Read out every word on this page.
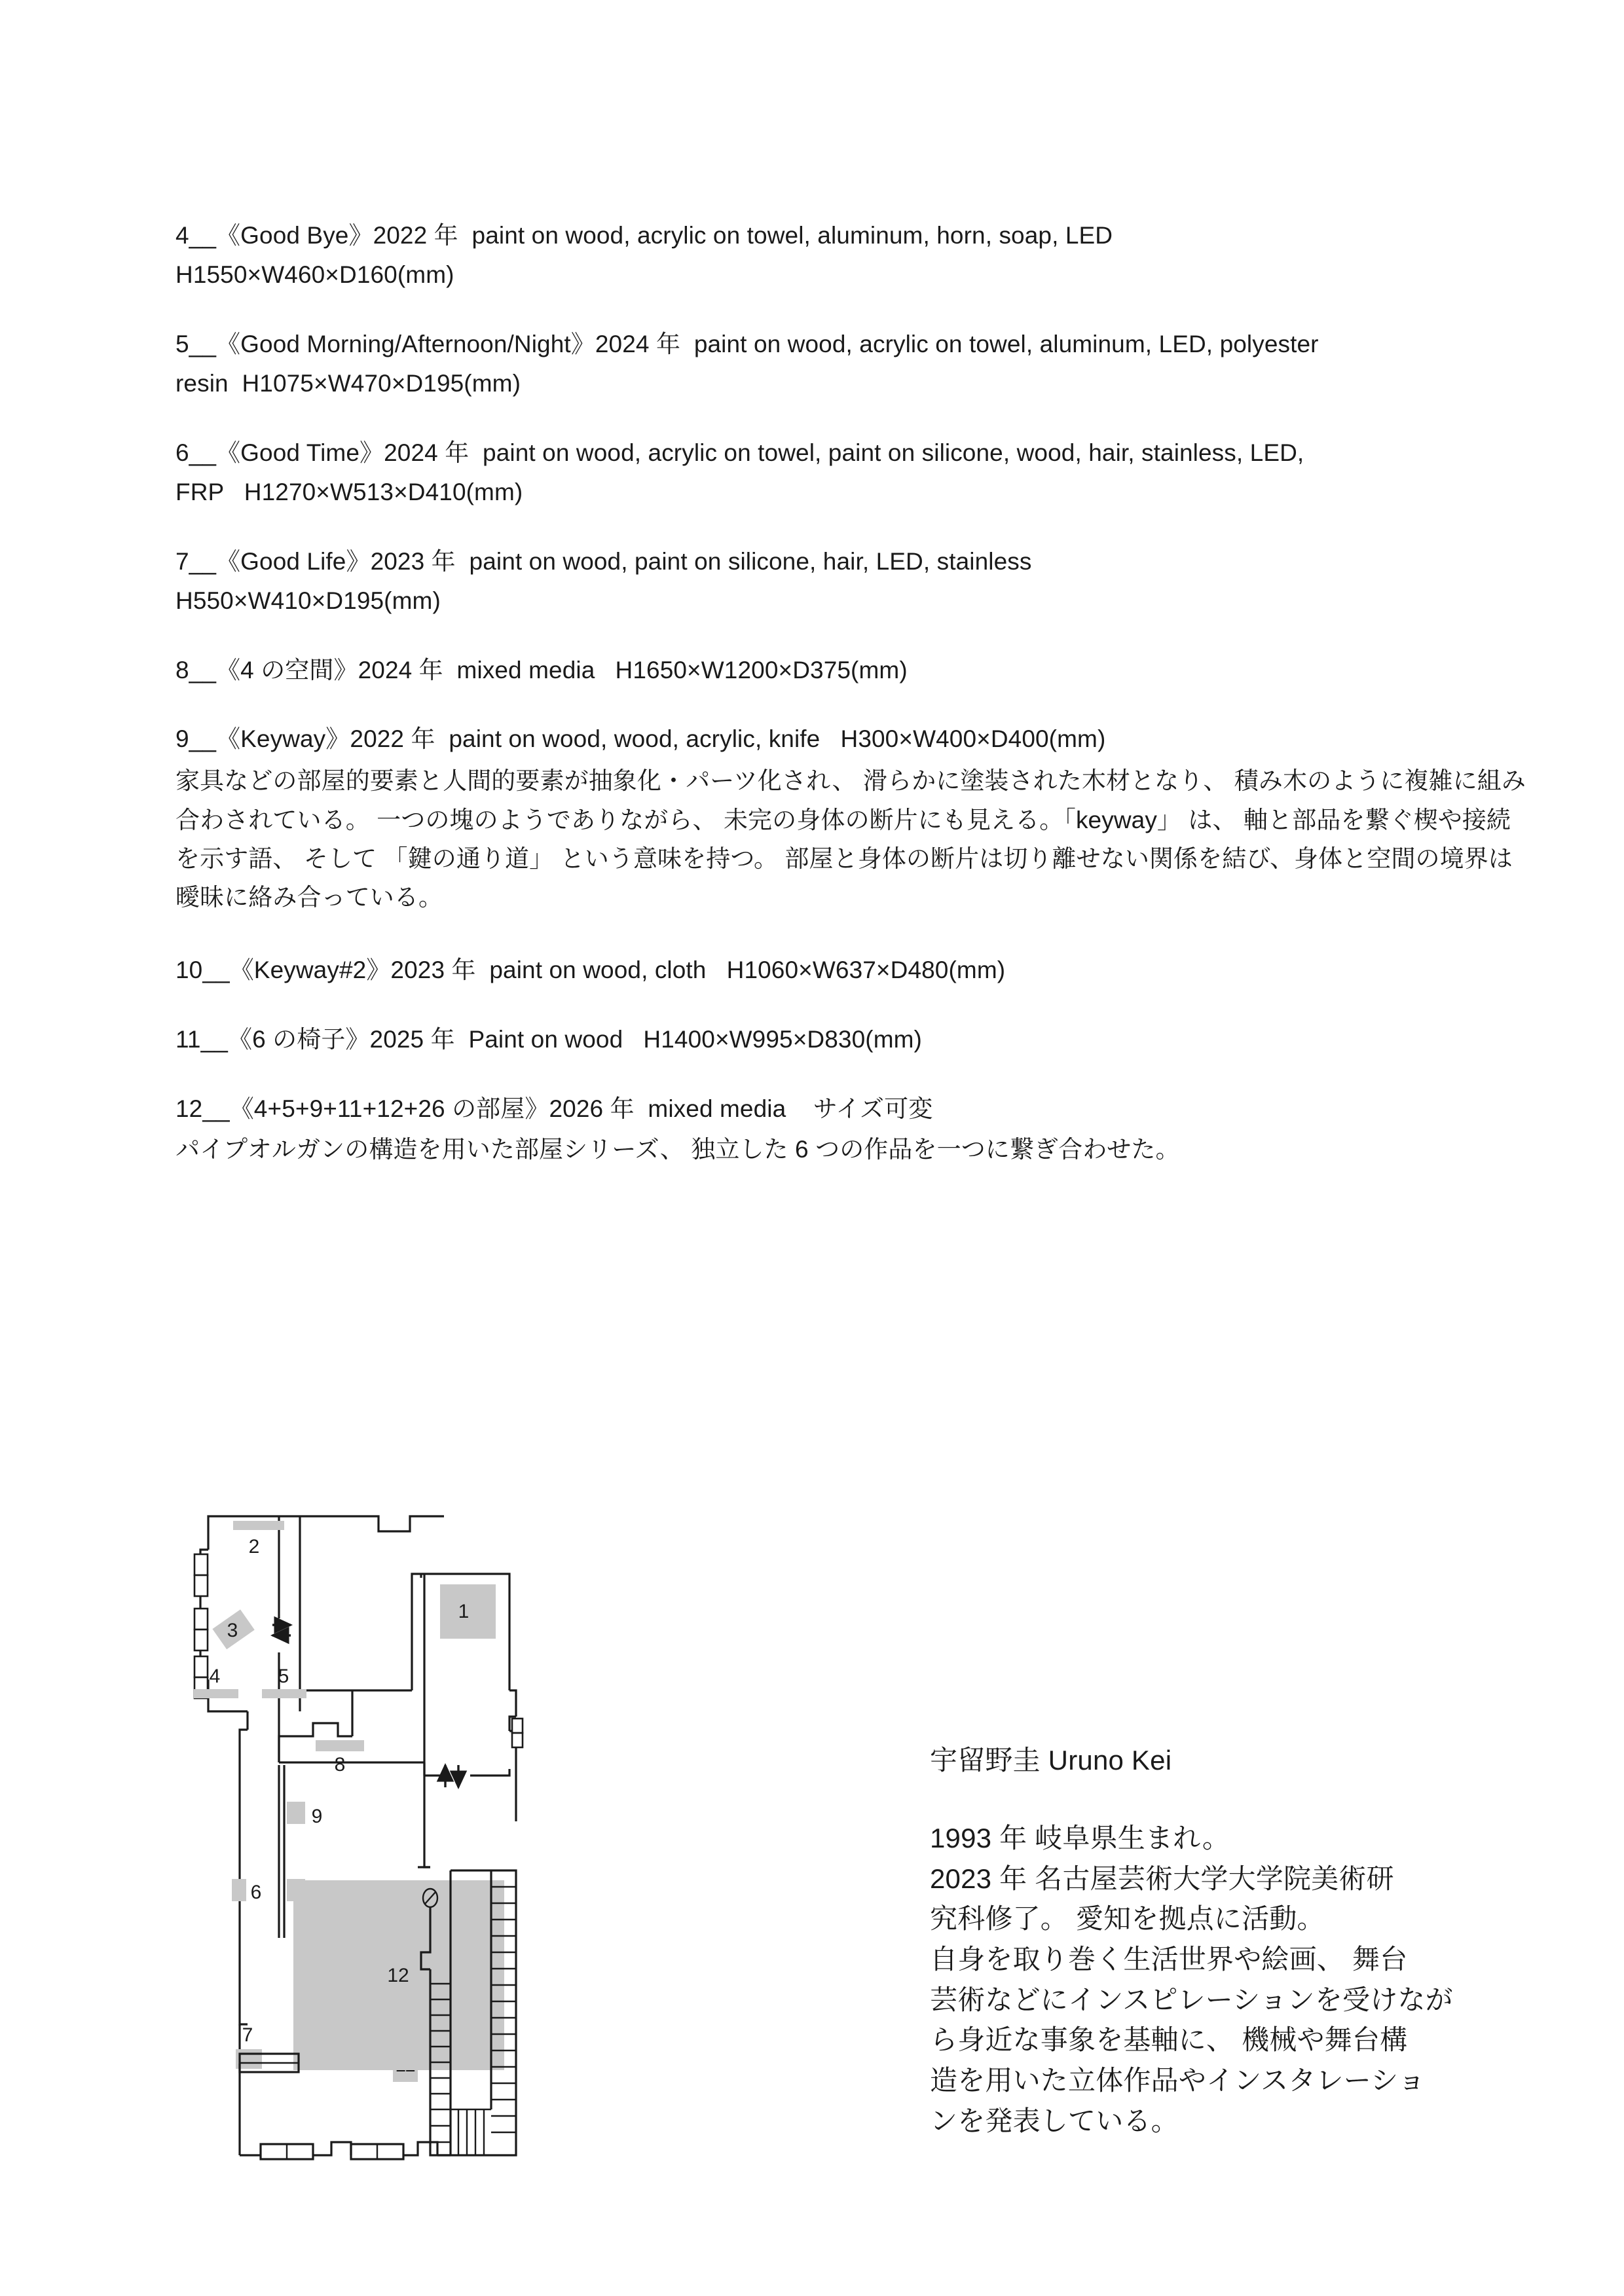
4__《Good Bye》2022 年  paint on wood, acrylic on towel, aluminum, horn, soap, LED
H1550×W460×D160(mm)
5__《Good Morning/Afternoon/Night》2024 年  paint on wood, acrylic on towel, aluminum, LED, polyester
resin  H1075×W470×D195(mm)
6__《Good Time》2024 年  paint on wood, acrylic on towel, paint on silicone, wood, hair, stainless, LED,
FRP   H1270×W513×D410(mm)
7__《Good Life》2023 年  paint on wood, paint on silicone, hair, LED, stainless
H550×W410×D195(mm)
8__《4 の空間》2024 年  mixed media   H1650×W1200×D375(mm)
9__《Keyway》2022 年  paint on wood, wood, acrylic, knife   H300×W400×D400(mm)
家具などの部屋的要素と人間的要素が抽象化・パーツ化され、 滑らかに塗装された木材となり、 積み木のように複雑に組み合わされている。 一つの塊のようでありながら、 未完の身体の断片にも見える。「keyway」 は、 軸と部品を繋ぐ楔や接続を示す語、 そして 「鍵の通り道」 という意味を持つ。 部屋と身体の断片は切り離せない関係を結び、身体と空間の境界は曖昧に絡み合っている。
10__《Keyway#2》2023 年  paint on wood, cloth   H1060×W637×D480(mm)
11__《6 の椅子》2025 年  Paint on wood   H1400×W995×D830(mm)
12__《4+5+9+11+12+26 の部屋》2026 年  mixed media    サイズ可変
パイプオルガンの構造を用いた部屋シリーズ、 独立した 6 つの作品を一つに繋ぎ合わせた。
1
2
3
4	5
6
7
8
9
12
宇留野圭 Uruno Kei
1993 年 岐阜県生まれ。
2023 年 名古屋芸術大学大学院美術研
究科修了。 愛知を拠点に活動。
自身を取り巻く生活世界や絵画、 舞台
芸術などにインスピレーションを受けなが
ら身近な事象を基軸に、 機械や舞台構
造を用いた立体作品やインスタレーショ
ンを発表している。
